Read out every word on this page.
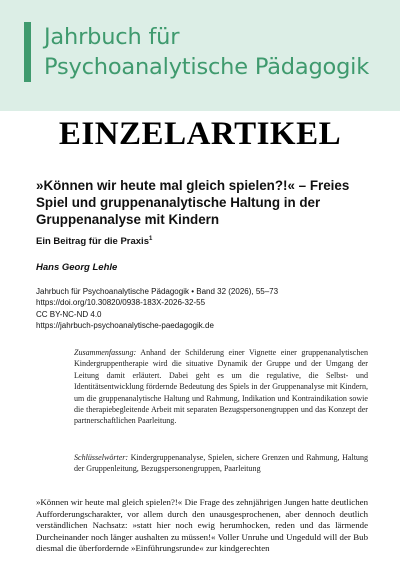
Jahrbuch für
Psychoanalytische Pädagogik
EINZELARTIKEL
»Können wir heute mal gleich spielen?!« – Freies Spiel und gruppenanalytische Haltung in der Gruppenanalyse mit Kindern
Ein Beitrag für die Praxis$^1$
Hans Georg Lehle
Jahrbuch für Psychoanalytische Pädagogik • Band 32 (2026), 55–73
https://doi.org/10.30820/0938-183X-2026-32-55
CC BY-NC-ND 4.0
https://jahrbuch-psychoanalytische-paedagogik.de
Zusammenfassung: Anhand der Schilderung einer Vignette einer gruppenanalytischen Kindergruppentherapie wird die situative Dynamik der Gruppe und der Umgang der Leitung damit erläutert. Dabei geht es um die regulative, die Selbst- und Identitätsentwicklung fördernde Bedeutung des Spiels in der Gruppenanalyse mit Kindern, um die gruppenanalytische Haltung und Rahmung, Indikation und Kontraindikation sowie die therapiebegleitende Arbeit mit separaten Bezugspersonengruppen und das Konzept der partnerschaftlichen Paarleitung.
Schlüsselwörter: Kindergruppenanalyse, Spielen, sichere Grenzen und Rahmung, Haltung der Gruppenleitung, Bezugspersonengruppen, Paarleitung
»Können wir heute mal gleich spielen?!« Die Frage des zehnjährigen Jungen hatte deutlichen Aufforderungscharakter, vor allem durch den unausgesprochenen, aber dennoch deutlich verständlichen Nachsatz: »statt hier noch ewig herumhocken, reden und das lärmende Durcheinander noch länger aushalten zu müssen!« Voller Unruhe und Ungeduld will der Bub diesmal die überfordernde »Einführungsrunde« zur kindgerechten
